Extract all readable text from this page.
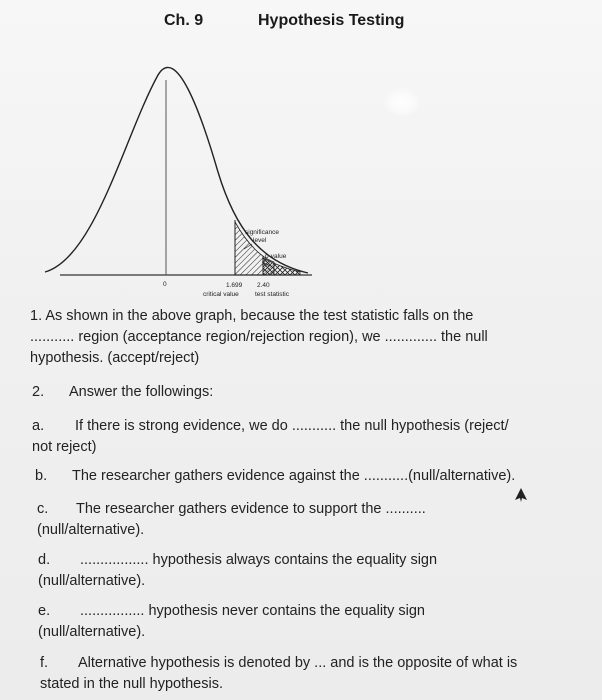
Ch. 9	Hypothesis Testing
0
significance
level
p-value
1.699 2.40
critical value test statistic
1. As shown in the above graph, because the test statistic falls on the
........... region (acceptance region/rejection region), we ............. the null
hypothesis. (accept/reject)
2. Answer the followings:
a. If there is strong evidence, we do ........... the null hypothesis (reject/
not reject)
b. The researcher gathers evidence against the ...........(null/alternative).
c. The researcher gathers evidence to support the ..........
(null/alternative).
d. ................. hypothesis always contains the equality sign
(null/alternative).
e. ................ hypothesis never contains the equality sign
(null/alternative).
f. Alternative hypothesis is denoted by ... and is the opposite of what is
stated in the null hypothesis.
